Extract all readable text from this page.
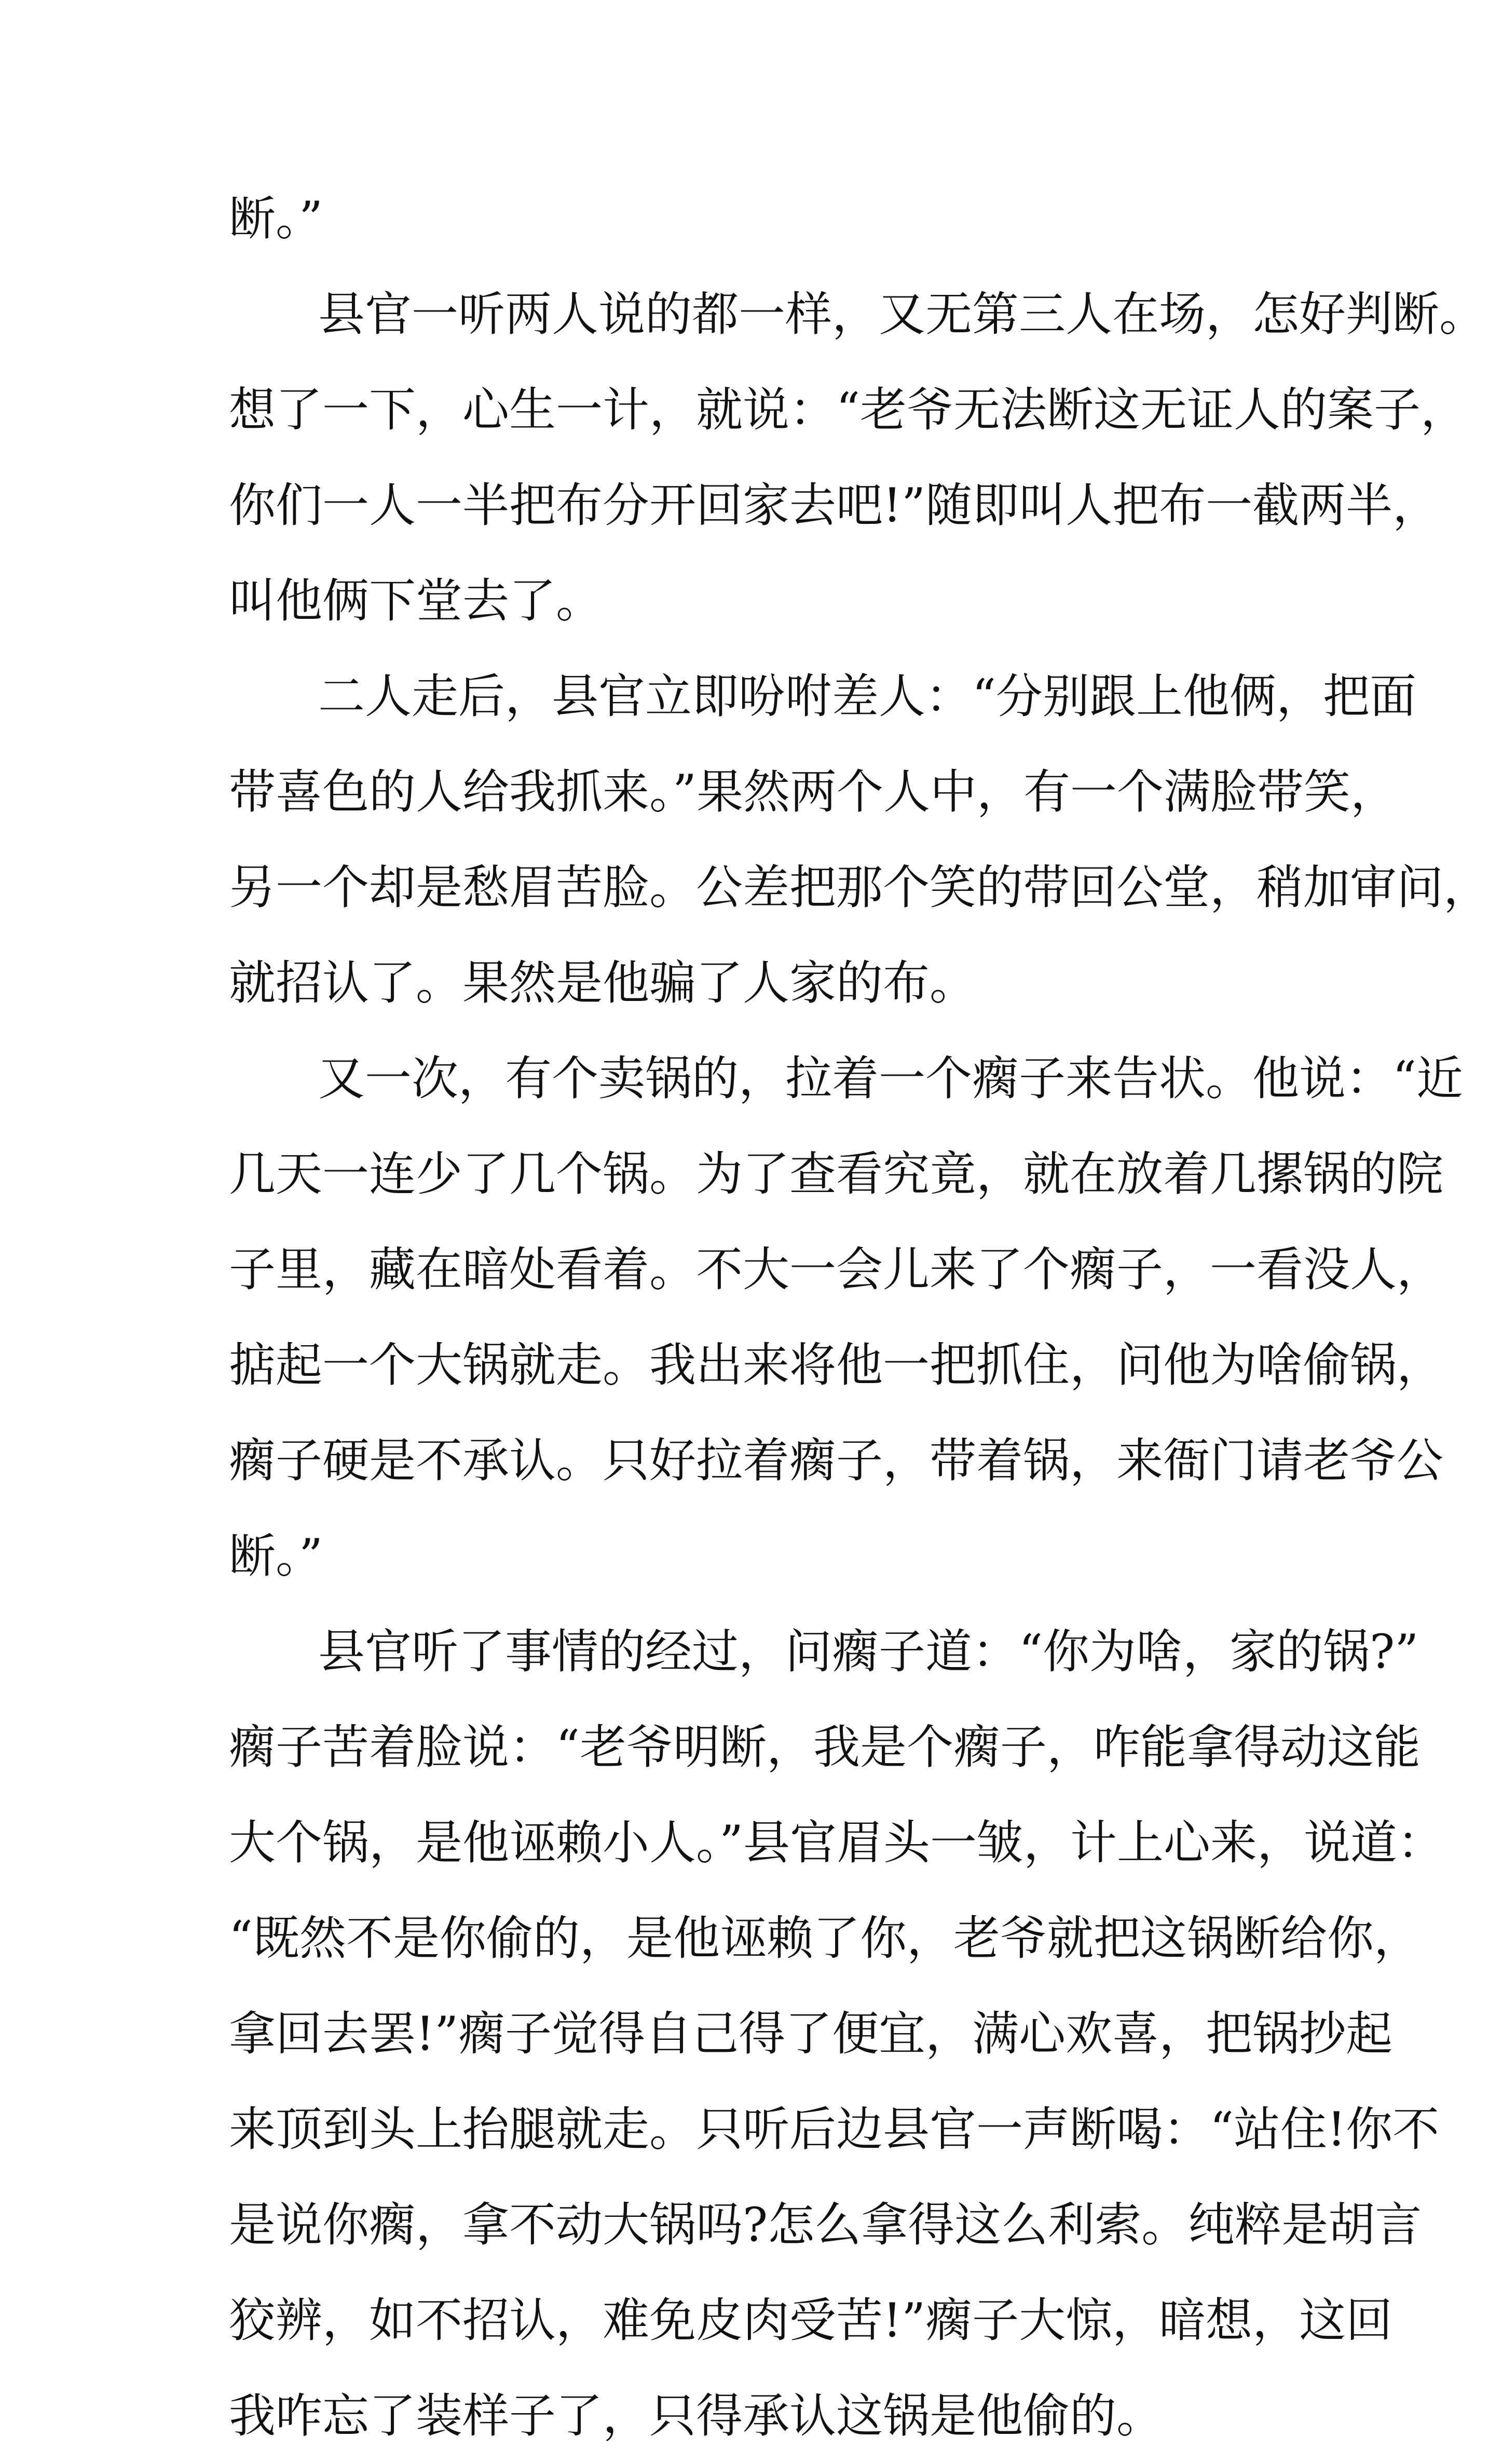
断。”
县官一听两人说的都一样，又无第三人在场，怎好判断。
想了一下，心生一计，就说：“老爷无法断这无证人的案子，
你们一人一半把布分开回家去吧!”随即叫人把布一截两半，
叫他俩下堂去了。
二人走后，县官立即吩咐差人：“分别跟上他俩，把面
带喜色的人给我抓来。”果然两个人中，有一个满脸带笑，
另一个却是愁眉苦脸。公差把那个笑的带回公堂，稍加审问，
就招认了。果然是他骗了人家的布。
又一次，有个卖锅的，拉着一个瘸子来告状。他说：“近
几天一连少了几个锅。为了查看究竟，就在放着几摞锅的院
子里，藏在暗处看着。不大一会儿来了个瘸子，一看没人，
掂起一个大锅就走。我出来将他一把抓住，问他为啥偷锅，
瘸子硬是不承认。只好拉着瘸子，带着锅，来衙门请老爷公
断。”
县官听了事情的经过，问瘸子道：“你为啥，家的锅?”
瘸子苦着脸说：“老爷明断，我是个瘸子，咋能拿得动这能
大个锅，是他诬赖小人。”县官眉头一皱，计上心来，说道：
“既然不是你偷的，是他诬赖了你，老爷就把这锅断给你，
拿回去罢!”瘸子觉得自己得了便宜，满心欢喜，把锅抄起
来顶到头上抬腿就走。只听后边县官一声断喝：“站住!你不
是说你瘸，拿不动大锅吗?怎么拿得这么利索。纯粹是胡言
狡辨，如不招认，难免皮肉受苦!”瘸子大惊，暗想，这回
我咋忘了装样子了，只得承认这锅是他偷的。
